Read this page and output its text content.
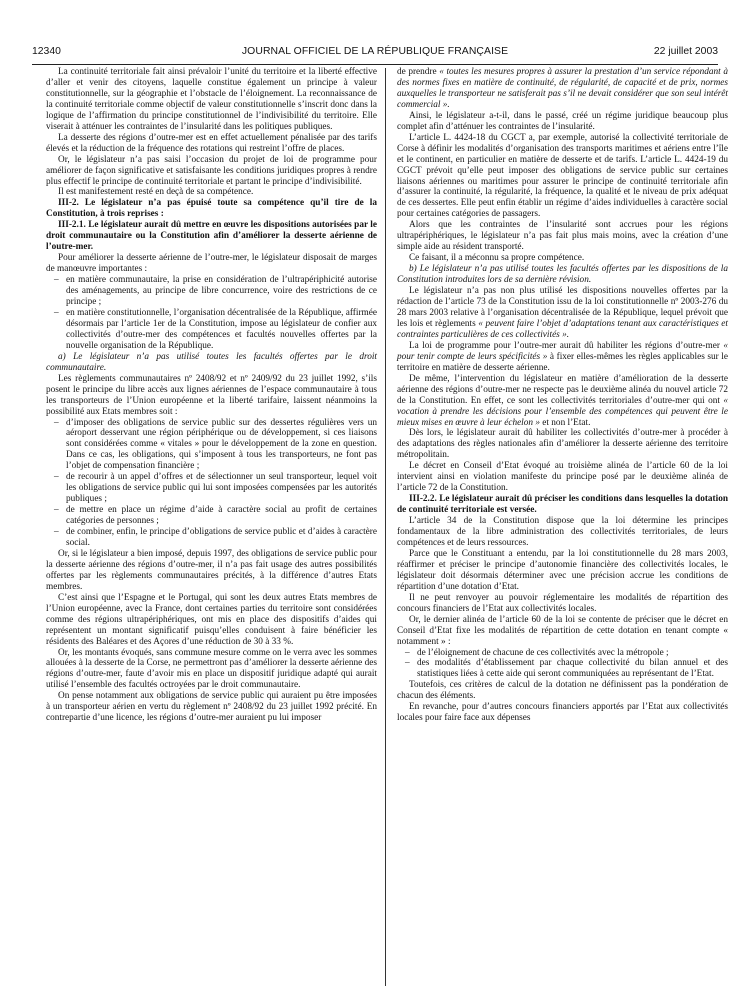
12340	JOURNAL OFFICIEL DE LA RÉPUBLIQUE FRANÇAISE	22 juillet 2003

La continuité territoriale fait ainsi prévaloir l’unité du territoire et la liberté effective d’aller et venir des citoyens, laquelle constitue également un principe à valeur constitutionnelle, sur la géographie et l’obstacle de l’éloignement. La reconnaissance de la continuité territoriale comme objectif de valeur constitutionnelle s’inscrit donc dans la logique de l’affirmation du principe constitutionnel de l’indivisibilité du territoire. Elle viserait à atténuer les contraintes de l’insularité dans les politiques publiques.

La desserte des régions d’outre-mer est en effet actuellement pénalisée par des tarifs élevés et la réduction de la fréquence des rotations qui restreint l’offre de places.

Or, le législateur n’a pas saisi l’occasion du projet de loi de programme pour améliorer de façon significative et satisfaisante les conditions juridiques propres à rendre plus effectif le principe de continuité territoriale et partant le principe d’indivisibilité.

Il est manifestement resté en deçà de sa compétence.

III-2. Le législateur n’a pas épuisé toute sa compétence qu’il tire de la Constitution, à trois reprises :

III-2.1. Le législateur aurait dû mettre en œuvre les dispositions autorisées par le droit communautaire ou la Constitution afin d’améliorer la desserte aérienne de l’outre-mer.

Pour améliorer la desserte aérienne de l’outre-mer, le législateur disposait de marges de manœuvre importantes :

– en matière communautaire, la prise en considération de l’ultrapériphicité autorise des aménagements, au principe de libre concurrence, voire des restrictions de ce principe ;
– en matière constitutionnelle, l’organisation décentralisée de la République, affirmée désormais par l’article 1er de la Constitution, impose au législateur de confier aux collectivités d’outre-mer des compétences et facultés nouvelles offertes par la nouvelle organisation de la République.

a) Le législateur n’a pas utilisé toutes les facultés offertes par le droit communautaire.

Les règlements communautaires nº 2408/92 et nº 2409/92 du 23 juillet 1992, s’ils posent le principe du libre accès aux lignes aériennes de l’espace communautaire à tous les transporteurs de l’Union européenne et la liberté tarifaire, laissent néanmoins la possibilité aux Etats membres soit :

– d’imposer des obligations de service public sur des dessertes régulières vers un aéroport desservant une région périphérique ou de développement, si ces liaisons sont considérées comme « vitales » pour le développement de la zone en question. Dans ce cas, les obligations, qui s’imposent à tous les transporteurs, ne font pas l’objet de compensation financière ;
– de recourir à un appel d’offres et de sélectionner un seul transporteur, lequel voit les obligations de service public qui lui sont imposées compensées par les autorités publiques ;
– de mettre en place un régime d’aide à caractère social au profit de certaines catégories de personnes ;
– de combiner, enfin, le principe d’obligations de service public et d’aides à caractère social.

Or, si le législateur a bien imposé, depuis 1997, des obligations de service public pour la desserte aérienne des régions d’outre-mer, il n’a pas fait usage des autres possibilités offertes par les règlements communautaires précités, à la différence d’autres Etats membres.

C’est ainsi que l’Espagne et le Portugal, qui sont les deux autres Etats membres de l’Union européenne, avec la France, dont certaines parties du territoire sont considérées comme des régions ultrapériphériques, ont mis en place des dispositifs d’aides qui représentent un montant significatif puisqu’elles conduisent à faire bénéficier les résidents des Baléares et des Açores d’une réduction de 30 à 33 %.

Or, les montants évoqués, sans commune mesure comme on le verra avec les sommes allouées à la desserte de la Corse, ne permettront pas d’améliorer la desserte aérienne des régions d’outre-mer, faute d’avoir mis en place un dispositif juridique adapté qui aurait utilisé l’ensemble des facultés octroyées par le droit communautaire.

On pense notamment aux obligations de service public qui auraient pu être imposées à un transporteur aérien en vertu du règlement nº 2408/92 du 23 juillet 1992 précité. En contrepartie d’une licence, les régions d’outre-mer auraient pu lui imposer

de prendre « toutes les mesures propres à assurer la prestation d’un service répondant à des normes fixes en matière de continuité, de régularité, de capacité et de prix, normes auxquelles le transporteur ne satisferait pas s’il ne devait considérer que son seul intérêt commercial ».

Ainsi, le législateur a-t-il, dans le passé, créé un régime juridique beaucoup plus complet afin d’atténuer les contraintes de l’insularité.

L’article L. 4424-18 du CGCT a, par exemple, autorisé la collectivité territoriale de Corse à définir les modalités d’organisation des transports maritimes et aériens entre l’île et le continent, en particulier en matière de desserte et de tarifs. L’article L. 4424-19 du CGCT prévoit qu’elle peut imposer des obligations de service public sur certaines liaisons aériennes ou maritimes pour assurer le principe de continuité territoriale afin d’assurer la continuité, la régularité, la fréquence, la qualité et le niveau de prix adéquat de ces dessertes. Elle peut enfin établir un régime d’aides individuelles à caractère social pour certaines catégories de passagers.

Alors que les contraintes de l’insularité sont accrues pour les régions ultrapériphériques, le législateur n’a pas fait plus mais moins, avec la création d’une simple aide au résident transporté.

Ce faisant, il a méconnu sa propre compétence.

b) Le législateur n’a pas utilisé toutes les facultés offertes par les dispositions de la Constitution introduites lors de sa dernière révision.

Le législateur n’a pas non plus utilisé les dispositions nouvelles offertes par la rédaction de l’article 73 de la Constitution issu de la loi constitutionnelle nº 2003-276 du 28 mars 2003 relative à l’organisation décentralisée de la République, lequel prévoit que les lois et règlements « peuvent faire l’objet d’adaptations tenant aux caractéristiques et contraintes particulières de ces collectivités ».

La loi de programme pour l’outre-mer aurait dû habiliter les régions d’outre-mer « pour tenir compte de leurs spécificités » à fixer elles-mêmes les règles applicables sur le territoire en matière de desserte aérienne.

De même, l’intervention du législateur en matière d’amélioration de la desserte aérienne des régions d’outre-mer ne respecte pas le deuxième alinéa du nouvel article 72 de la Constitution. En effet, ce sont les collectivités territoriales d’outre-mer qui ont « vocation à prendre les décisions pour l’ensemble des compétences qui peuvent être le mieux mises en œuvre à leur échelon » et non l’Etat.

Dès lors, le législateur aurait dû habiliter les collectivités d’outre-mer à procéder à des adaptations des règles nationales afin d’améliorer la desserte aérienne des territoire métropolitain.

Le décret en Conseil d’Etat évoqué au troisième alinéa de l’article 60 de la loi intervient ainsi en violation manifeste du principe posé par le deuxième alinéa de l’article 72 de la Constitution.

III-2.2. Le législateur aurait dû préciser les conditions dans lesquelles la dotation de continuité territoriale est versée.

L’article 34 de la Constitution dispose que la loi détermine les principes fondamentaux de la libre administration des collectivités territoriales, de leurs compétences et de leurs ressources.

Parce que le Constituant a entendu, par la loi constitutionnelle du 28 mars 2003, réaffirmer et préciser le principe d’autonomie financière des collectivités locales, le législateur doit désormais déterminer avec une précision accrue les conditions de répartition d’une dotation d’Etat.

Il ne peut renvoyer au pouvoir réglementaire les modalités de répartition des concours financiers de l’Etat aux collectivités locales.

Or, le dernier alinéa de l’article 60 de la loi se contente de préciser que le décret en Conseil d’Etat fixe les modalités de répartition de cette dotation en tenant compte « notamment » :

– de l’éloignement de chacune de ces collectivités avec la métropole ;
– des modalités d’établissement par chaque collectivité du bilan annuel et des statistiques liées à cette aide qui seront communiquées au représentant de l’Etat.

Toutefois, ces critères de calcul de la dotation ne définissent pas la pondération de chacun des éléments.

En revanche, pour d’autres concours financiers apportés par l’Etat aux collectivités locales pour faire face aux dépenses
